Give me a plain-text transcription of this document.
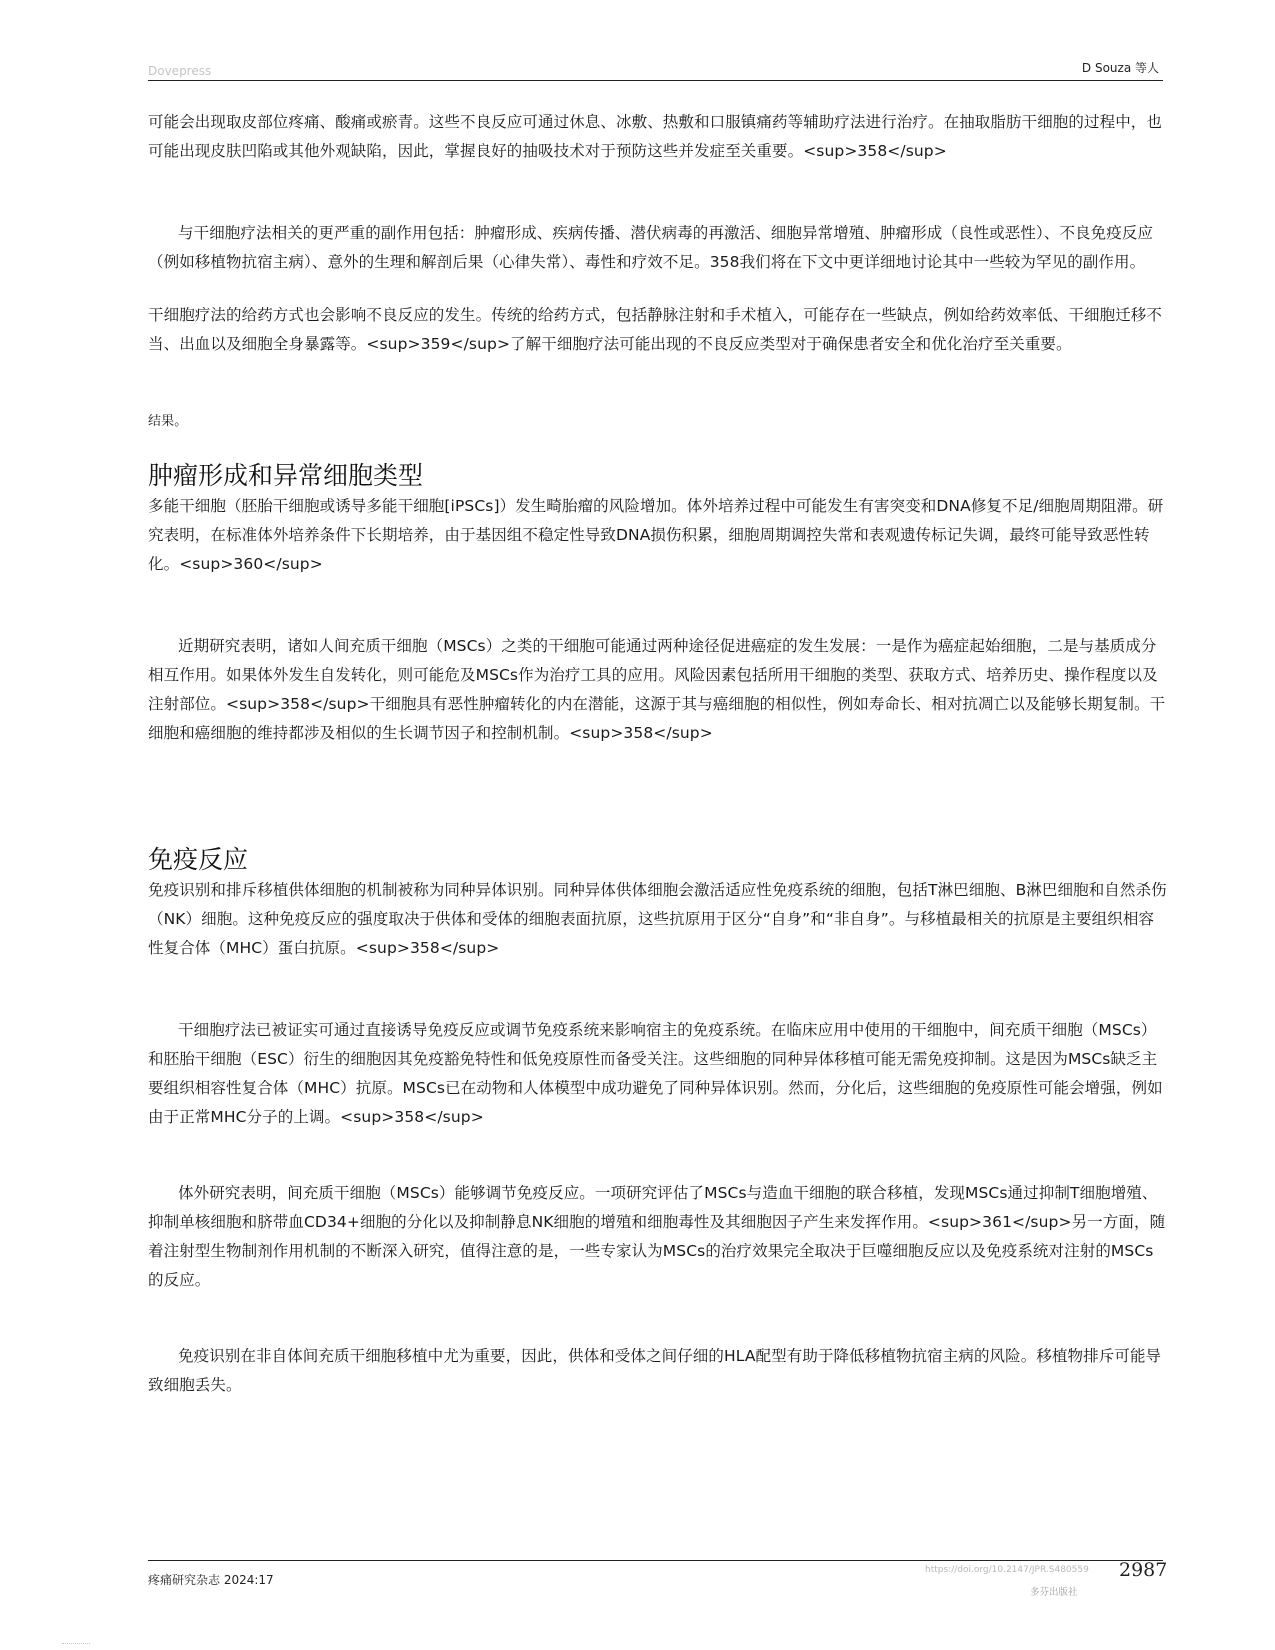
Dovepress	D Souza 等人

可能会出现取皮部位疼痛、酸痛或瘀青。这些不良反应可通过休息、冰敷、热敷和口服镇痛药等辅助疗法进行治疗。在抽取脂肪干细胞的过程中，也可能出现皮肤凹陷或其他外观缺陷，因此，掌握良好的抽吸技术对于预防这些并发症至关重要。<sup>358</sup>

与干细胞疗法相关的更严重的副作用包括：肿瘤形成、疾病传播、潜伏病毒的再激活、细胞异常增殖、肿瘤形成（良性或恶性）、不良免疫反应（例如移植物抗宿主病）、意外的生理和解剖后果（心律失常）、毒性和疗效不足。358我们将在下文中更详细地讨论其中一些较为罕见的副作用。

干细胞疗法的给药方式也会影响不良反应的发生。传统的给药方式，包括静脉注射和手术植入，可能存在一些缺点，例如给药效率低、干细胞迁移不当、出血以及细胞全身暴露等。<sup>359</sup>了解干细胞疗法可能出现的不良反应类型对于确保患者安全和优化治疗至关重要。

结果。

肿瘤形成和异常细胞类型

多能干细胞（胚胎干细胞或诱导多能干细胞[iPSCs]）发生畸胎瘤的风险增加。体外培养过程中可能发生有害突变和DNA修复不足/细胞周期阻滞。研究表明，在标准体外培养条件下长期培养，由于基因组不稳定性导致DNA损伤积累，细胞周期调控失常和表观遗传标记失调，最终可能导致恶性转化。<sup>360</sup>

近期研究表明，诸如人间充质干细胞（MSCs）之类的干细胞可能通过两种途径促进癌症的发生发展：一是作为癌症起始细胞，二是与基质成分相互作用。如果体外发生自发转化，则可能危及MSCs作为治疗工具的应用。风险因素包括所用干细胞的类型、获取方式、培养历史、操作程度以及注射部位。<sup>358</sup>干细胞具有恶性肿瘤转化的内在潜能，这源于其与癌细胞的相似性，例如寿命长、相对抗凋亡以及能够长期复制。干细胞和癌细胞的维持都涉及相似的生长调节因子和控制机制。<sup>358</sup>

免疫反应

免疫识别和排斥移植供体细胞的机制被称为同种异体识别。同种异体供体细胞会激活适应性免疫系统的细胞，包括T淋巴细胞、B淋巴细胞和自然杀伤（NK）细胞。这种免疫反应的强度取决于供体和受体的细胞表面抗原，这些抗原用于区分“自身”和“非自身”。与移植最相关的抗原是主要组织相容性复合体（MHC）蛋白抗原。<sup>358</sup>

干细胞疗法已被证实可通过直接诱导免疫反应或调节免疫系统来影响宿主的免疫系统。在临床应用中使用的干细胞中，间充质干细胞（MSCs）和胚胎干细胞（ESC）衍生的细胞因其免疫豁免特性和低免疫原性而备受关注。这些细胞的同种异体移植可能无需免疫抑制。这是因为MSCs缺乏主要组织相容性复合体（MHC）抗原。MSCs已在动物和人体模型中成功避免了同种异体识别。然而，分化后，这些细胞的免疫原性可能会增强，例如由于正常MHC分子的上调。<sup>358</sup>

体外研究表明，间充质干细胞（MSCs）能够调节免疫反应。一项研究评估了MSCs与造血干细胞的联合移植，发现MSCs通过抑制T细胞增殖、抑制单核细胞和脐带血CD34+细胞的分化以及抑制静息NK细胞的增殖和细胞毒性及其细胞因子产生来发挥作用。<sup>361</sup>另一方面，随着注射型生物制剂作用机制的不断深入研究，值得注意的是，一些专家认为MSCs的治疗效果完全取决于巨噬细胞反应以及免疫系统对注射的MSCs的反应。

免疫识别在非自体间充质干细胞移植中尤为重要，因此，供体和受体之间仔细的HLA配型有助于降低移植物抗宿主病的风险。移植物排斥可能导致细胞丢失。

疼痛研究杂志 2024:17
https://doi.org/10.2147/JPR.S480559
多芬出版社
2987
